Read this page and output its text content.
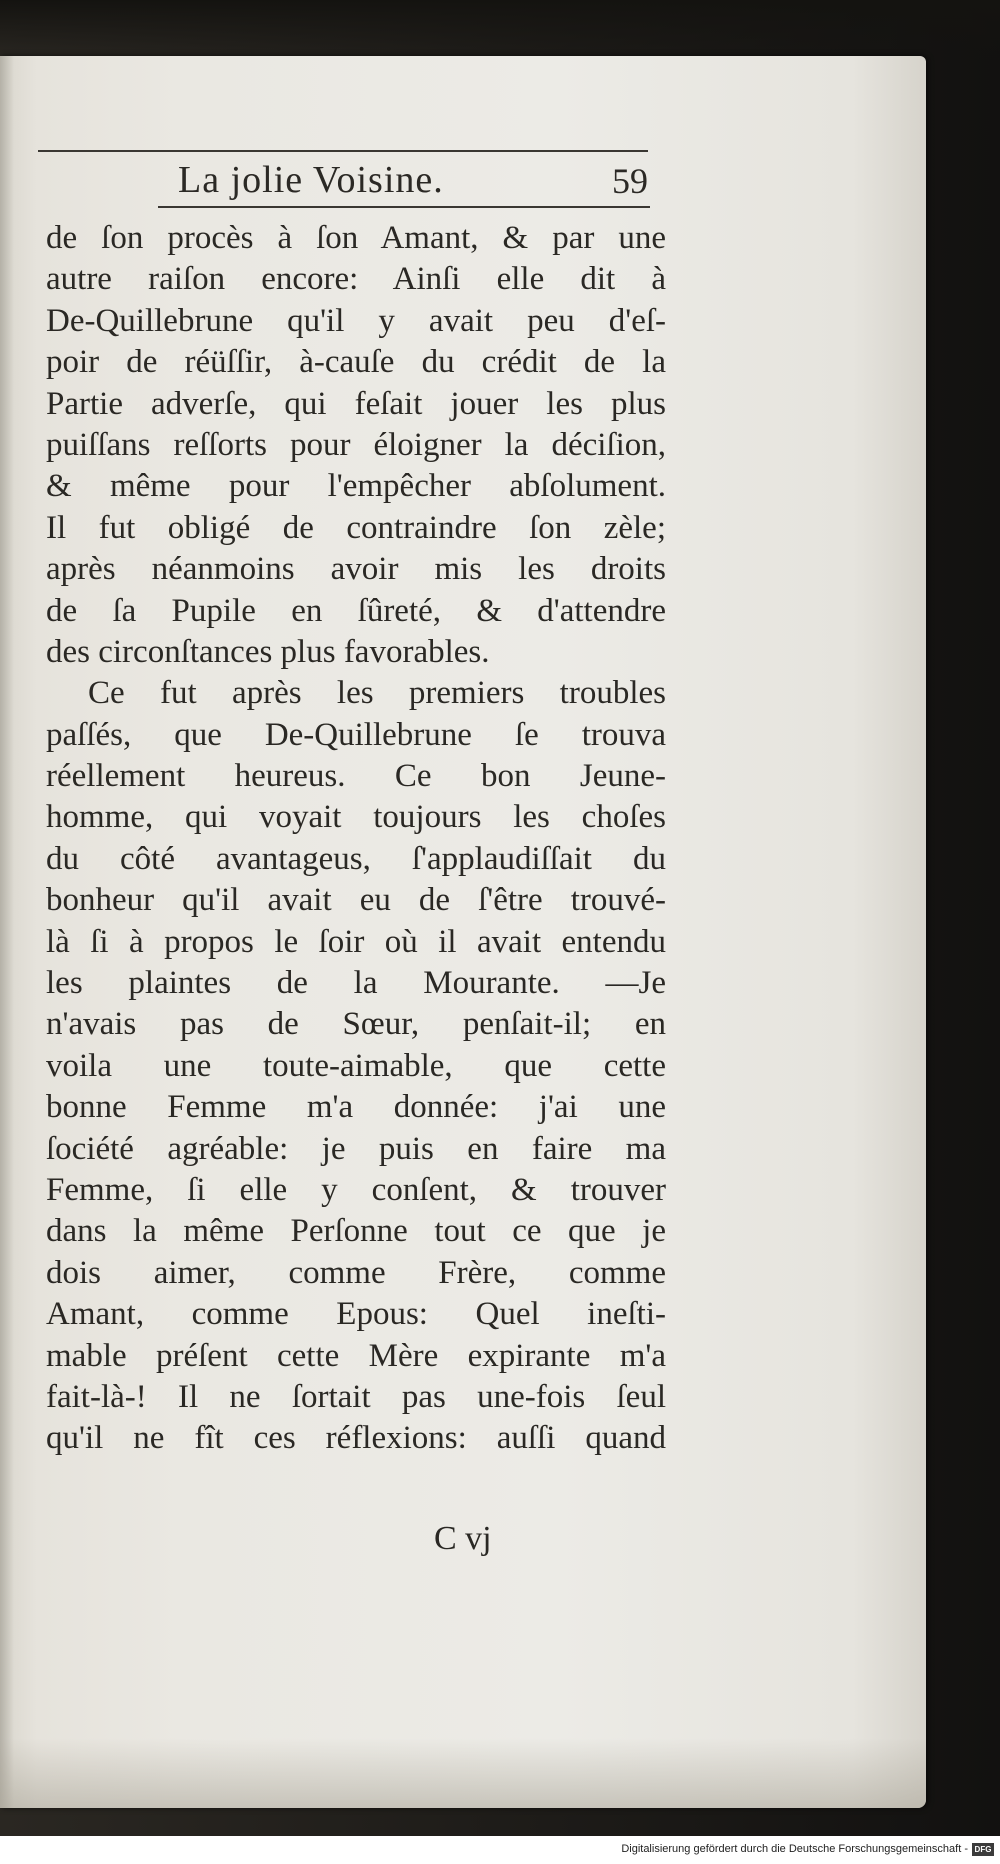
La jolie Voisine.	59
de ſon procès à ſon Amant, & par une
autre raiſon encore: Ainſi elle dit à
De-Quillebrune qu'il y avait peu d'eſ-
poir de réüſſir, à-cauſe du crédit de la
Partie adverſe, qui feſait jouer les plus
puiſſans reſſorts pour éloigner la déciſion,
& même pour l'empêcher abſolument.
Il fut obligé de contraindre ſon zèle;
après néanmoins avoir mis les droits
de ſa Pupile en ſûreté, & d'attendre
des circonſtances plus favorables.
Ce fut après les premiers troubles
paſſés, que De-Quillebrune ſe trouva
réellement heureus. Ce bon Jeune-
homme, qui voyait toujours les choſes
du côté avantageus, ſ'applaudiſſait du
bonheur qu'il avait eu de ſ'être trouvé-
là ſi à propos le ſoir où il avait entendu
les plaintes de la Mourante. —Je
n'avais pas de Sœur, penſait-il; en
voila une toute-aimable, que cette
bonne Femme m'a donnée: j'ai une
ſociété agréable: je puis en faire ma
Femme, ſi elle y conſent, & trouver
dans la même Perſonne tout ce que je
dois aimer, comme Frère, comme
Amant, comme Epous: Quel ineſti-
mable préſent cette Mère expirante m'a
fait-là-! Il ne ſortait pas une-fois ſeul
qu'il ne fît ces réflexions: auſſi quand
C vj
Digitalisierung gefördert durch die Deutsche Forschungsgemeinschaft - DFG
